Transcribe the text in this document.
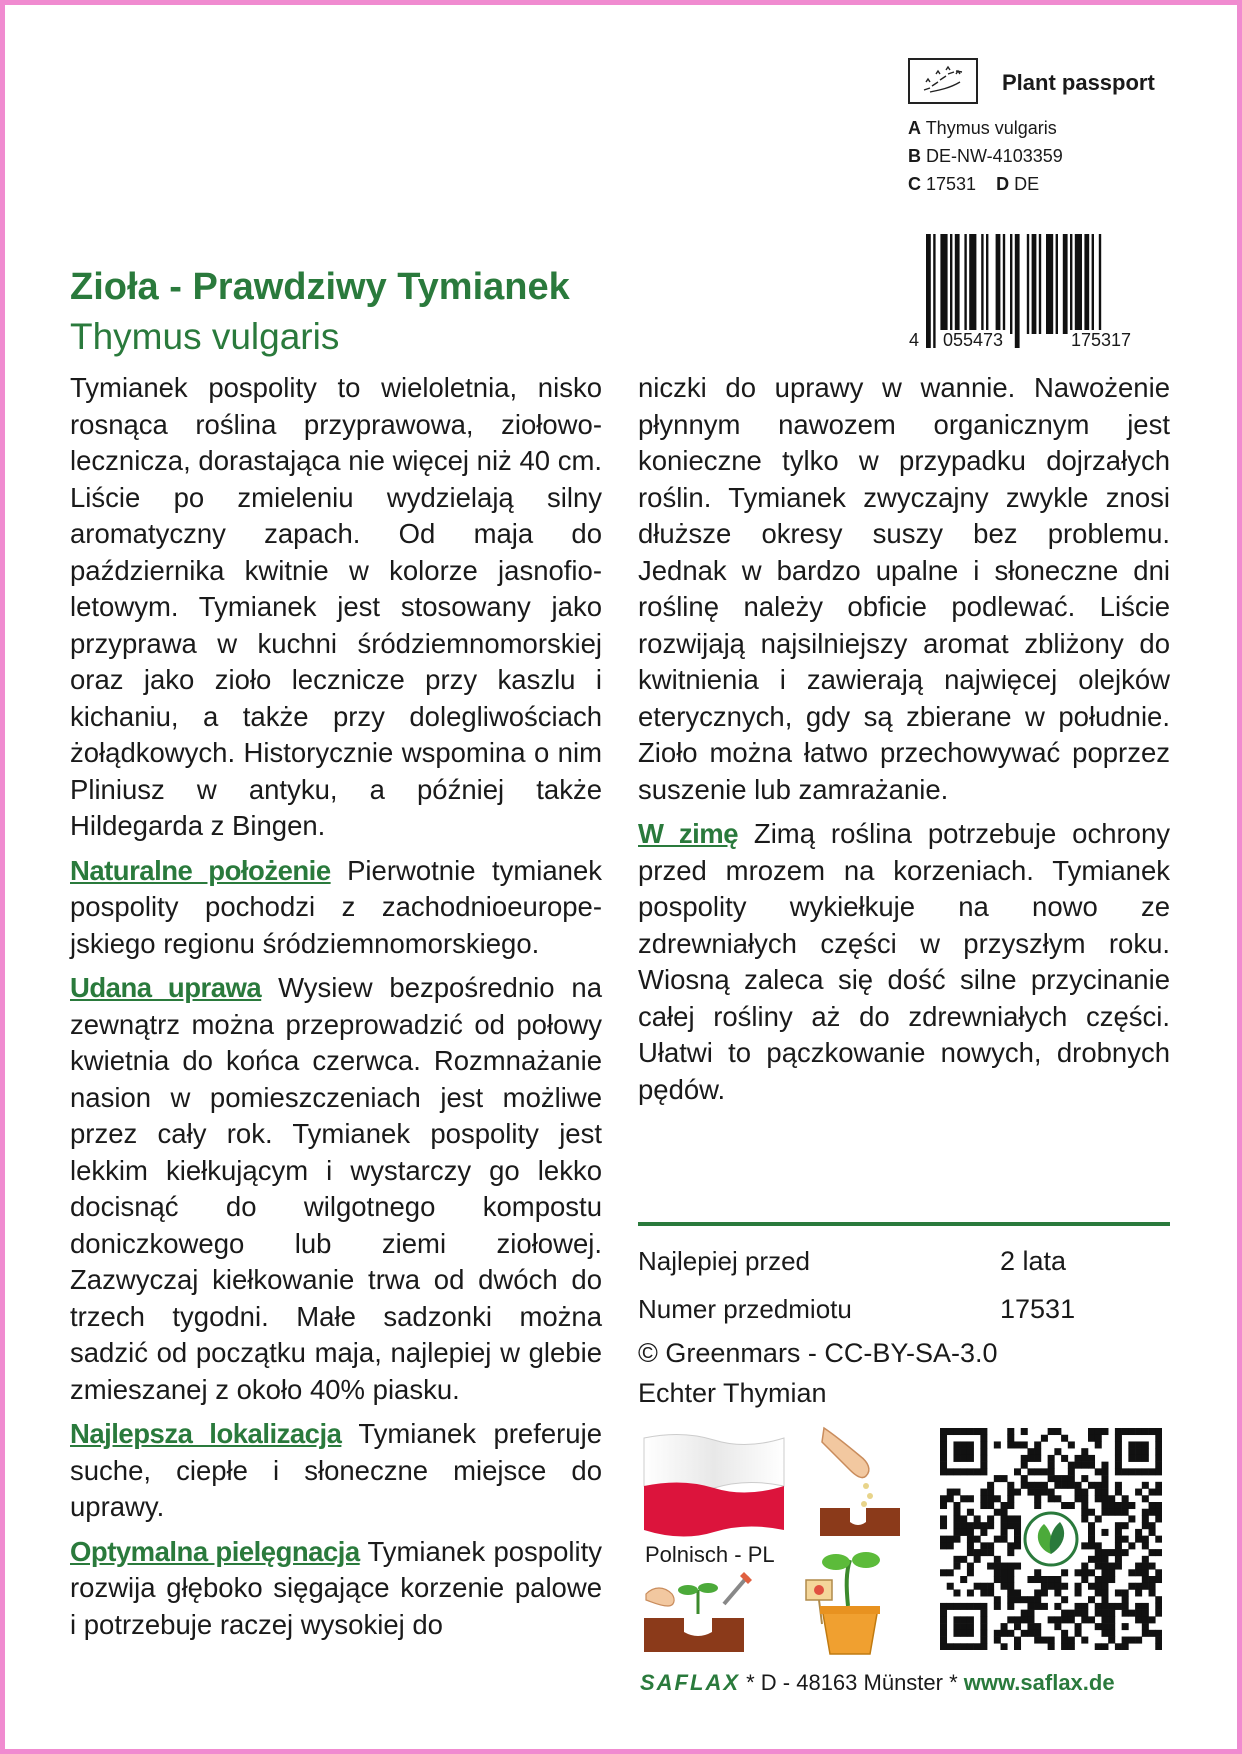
Plant passport
A Thymus vulgaris
B DE-NW-4103359
C 17531 D DE
4 055473	175317
Zioła - Prawdziwy Tymianek
Thymus vulgaris

Tymianek pospolity to wieloletnia, nisko rosnąca roślina przyprawowa, ziołowolecznicza, dorastająca nie więcej niż 40 cm. Liście po zmieleniu wydzielają silny aromatyczny zapach. Od maja do października kwitnie w kolorze jasnofioletowym. Tymianek jest stosowany jako przyprawa w kuchni śródziemnomorskiej oraz jako zioło lecznicze przy kaszlu i kichaniu, a także przy dolegliwościach żołądkowych. Historycznie wspomina o nim Pliniusz w antyku, a później także Hildegarda z Bingen.

Naturalne położenie Pierwotnie tymianek pospolity pochodzi z zachodnioeuropejskiego regionu śródziemnomorskiego.

Udana uprawa Wysiew bezpośrednio na zewnątrz można przeprowadzić od połowy kwietnia do końca czerwca. Rozmnażanie nasion w pomieszczeniach jest możliwe przez cały rok. Tymianek pospolity jest lekkim kiełkującym i wystarczy go lekko docisnąć do wilgotnego kompostu doniczkowego lub ziemi ziołowej. Zazwyczaj kiełkowanie trwa od dwóch do trzech tygodni. Małe sadzonki można sadzić od początku maja, najlepiej w glebie zmieszanej z około 40% piasku.

Najlepsza lokalizacja Tymianek preferuje suche, ciepłe i słoneczne miejsce do uprawy.

Optymalna pielęgnacja Tymianek pospolity rozwija głęboko sięgające korzenie palowe i potrzebuje raczej wysokiej do

niczki do uprawy w wannie. Nawożenie płynnym nawozem organicznym jest konieczne tylko w przypadku dojrzałych roślin. Tymianek zwyczajny zwykle znosi dłuższe okresy suszy bez problemu. Jednak w bardzo upalne i słoneczne dni roślinę należy obficie podlewać. Liście rozwijają najsilniejszy aromat zbliżony do kwitnienia i zawierają najwięcej olejków eterycznych, gdy są zbierane w południe. Zioło można łatwo przechowywać poprzez suszenie lub zamrażanie.

W zimę Zimą roślina potrzebuje ochrony przed mrozem na korzeniach. Tymianek pospolity wykiełkuje na nowo ze zdrewniałych części w przyszłym roku. Wiosną zaleca się dość silne przycinanie całej rośliny aż do zdrewniałych części. Ułatwi to pączkowanie nowych, drobnych pędów.

Najlepiej przed	2 lata
Numer przedmiotu	17531
© Greenmars - CC-BY-SA-3.0
Echter Thymian
Polnisch - PL
SAFLAX * D - 48163 Münster * www.saflax.de
